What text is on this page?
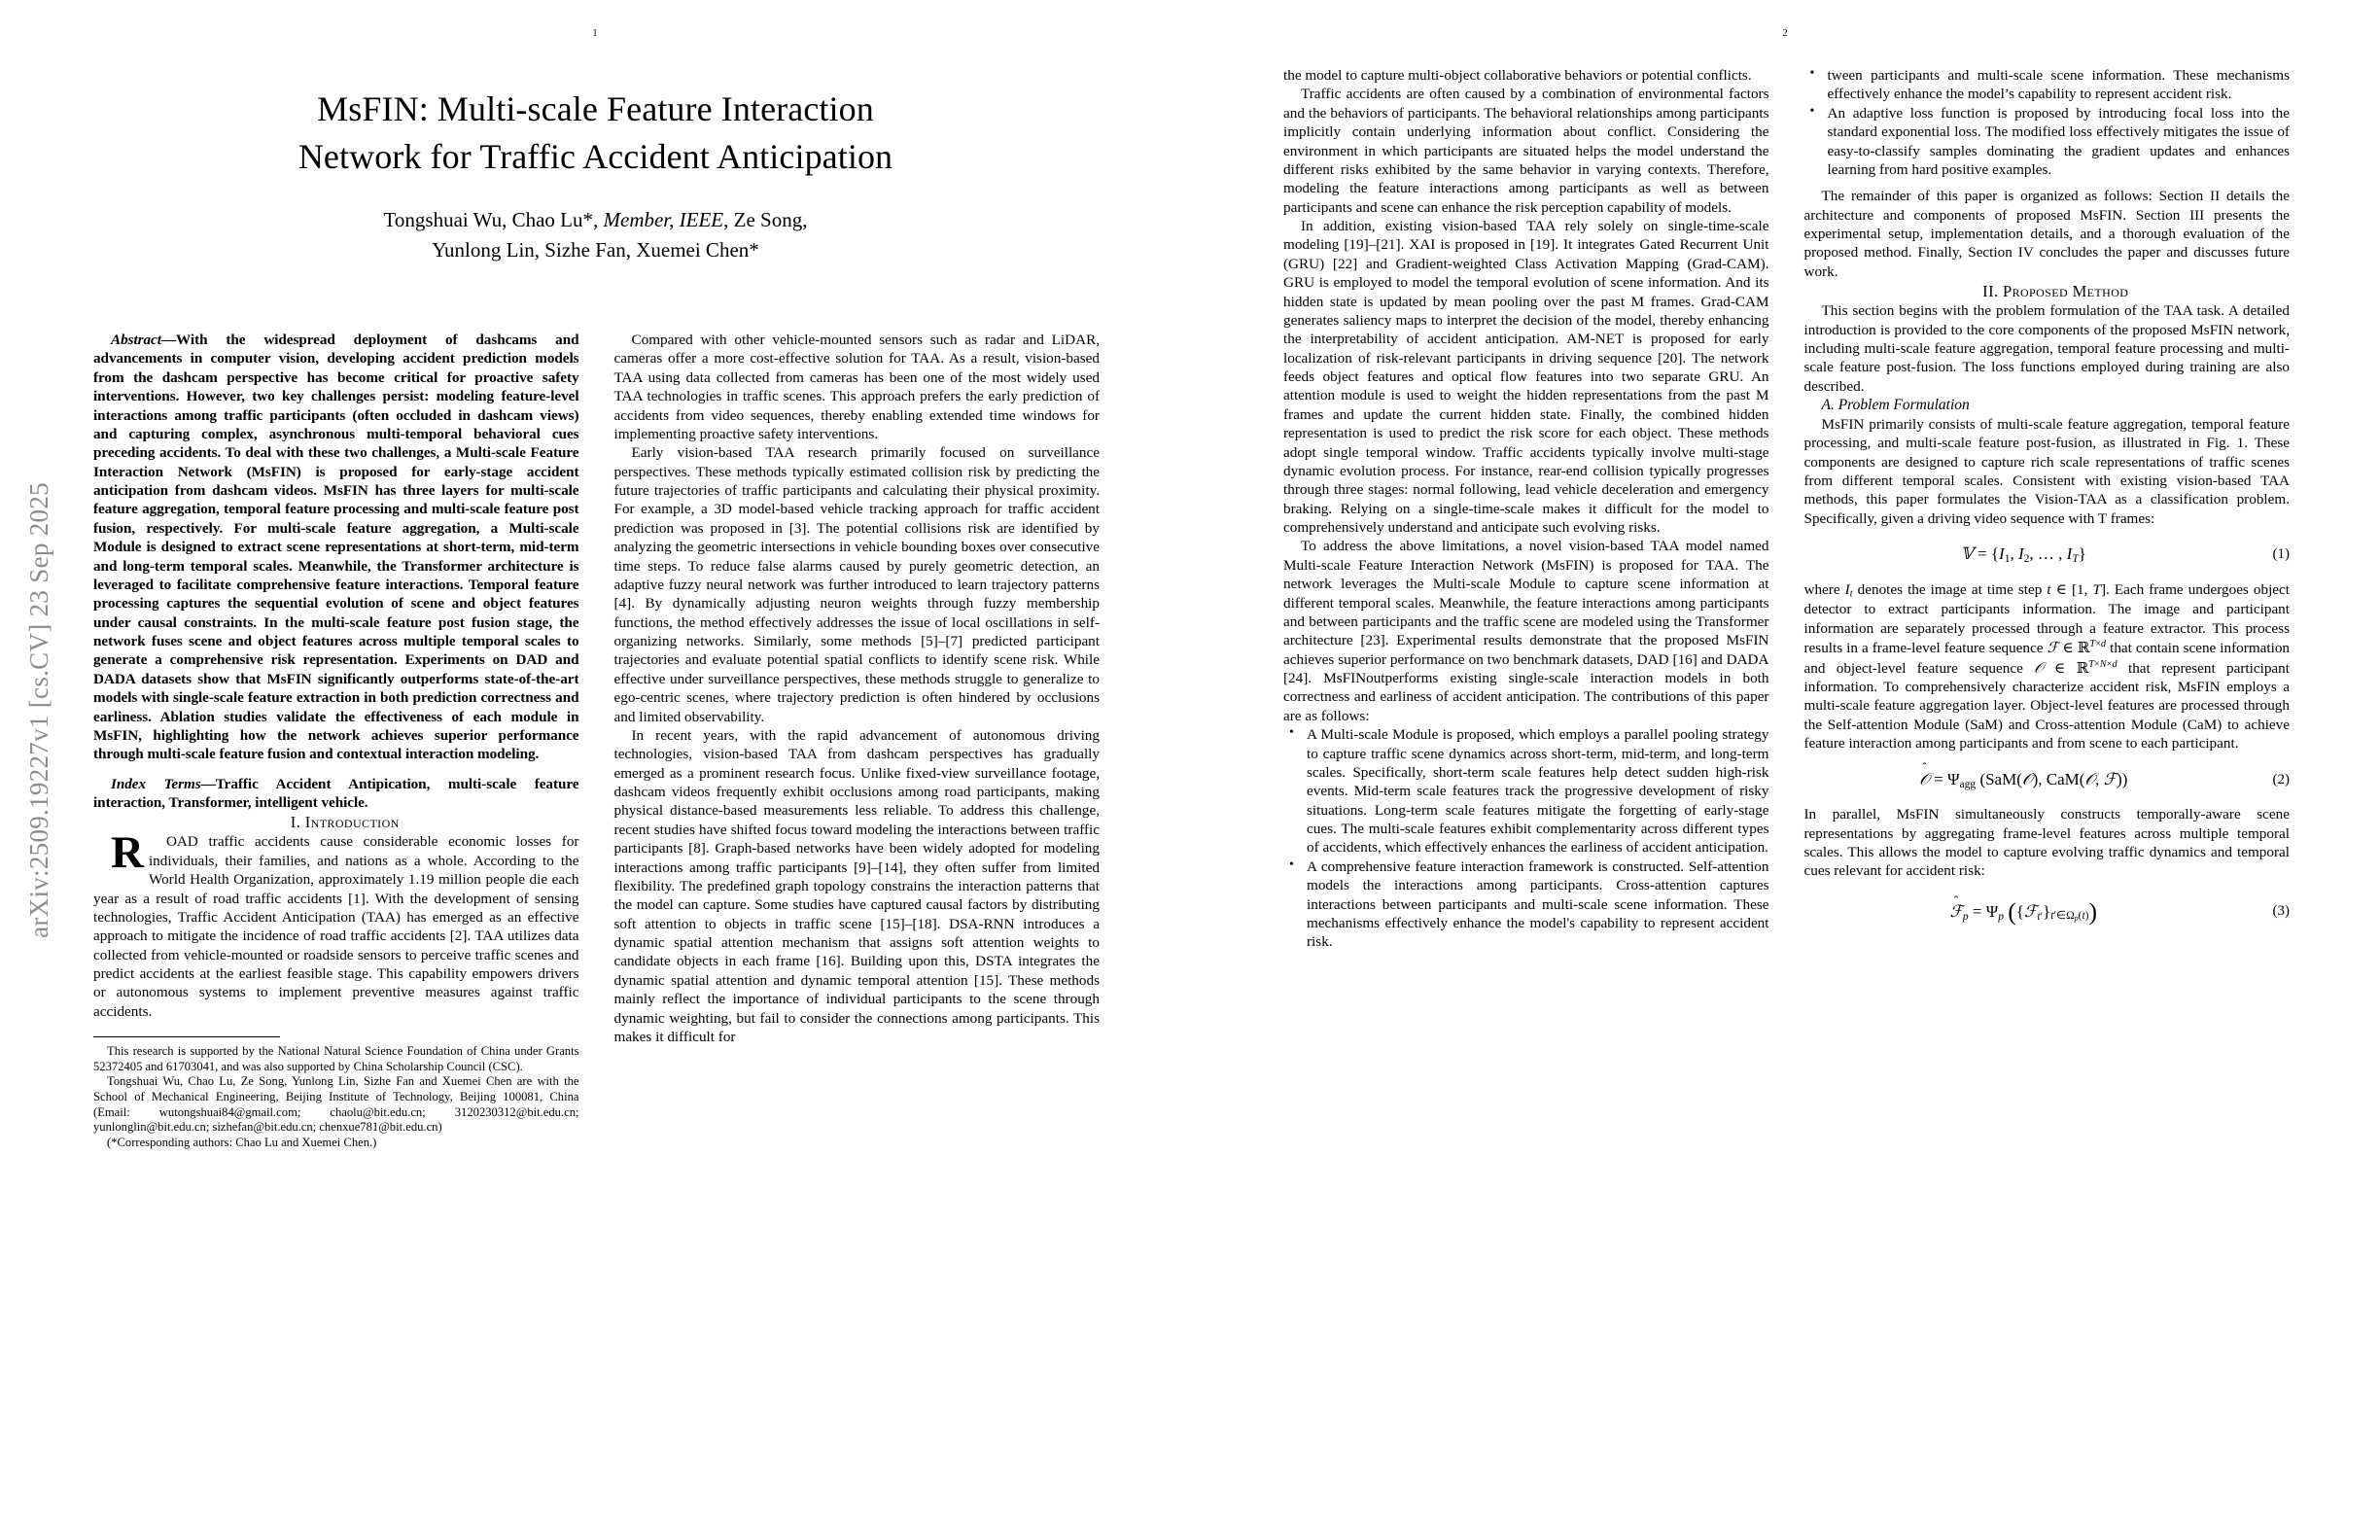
1
arXiv:2509.19227v1 [cs.CV] 23 Sep 2025
MsFIN: Multi-scale Feature Interaction
Network for Traffic Accident Anticipation
Tongshuai Wu, Chao Lu*, Member, IEEE, Ze Song,
Yunlong Lin, Sizhe Fan, Xuemei Chen*

Abstract—With the widespread deployment of dashcams and advancements in computer vision, developing accident prediction models from the dashcam perspective has become critical for proactive safety interventions. However, two key challenges persist: modeling feature-level interactions among traffic participants (often occluded in dashcam views) and capturing complex, asynchronous multi-temporal behavioral cues preceding accidents. To deal with these two challenges, a Multi-scale Feature Interaction Network (MsFIN) is proposed for early-stage accident anticipation from dashcam videos. MsFIN has three layers for multi-scale feature aggregation, temporal feature processing and multi-scale feature post fusion, respectively. For multi-scale feature aggregation, a Multi-scale Module is designed to extract scene representations at short-term, mid-term and long-term temporal scales. Meanwhile, the Transformer architecture is leveraged to facilitate comprehensive feature interactions. Temporal feature processing captures the sequential evolution of scene and object features under causal constraints. In the multi-scale feature post fusion stage, the network fuses scene and object features across multiple temporal scales to generate a comprehensive risk representation. Experiments on DAD and DADA datasets show that MsFIN significantly outperforms state-of-the-art models with single-scale feature extraction in both prediction correctness and earliness. Ablation studies validate the effectiveness of each module in MsFIN, highlighting how the network achieves superior performance through multi-scale feature fusion and contextual interaction modeling.

Index Terms—Traffic Accident Antipication, multi-scale feature interaction, Transformer, intelligent vehicle.

I. Introduction

R	OAD traffic accidents cause considerable economic losses for individuals, their families, and nations as a whole. According to the World Health Organization, approximately 1.19 million people die each year as a result of road traffic accidents [1]. With the development of sensing technologies, Traffic Accident Anticipation (TAA) has emerged as an effective approach to mitigate the incidence of road traffic accidents [2]. TAA utilizes data collected from vehicle-mounted or roadside sensors to perceive traffic scenes and predict accidents at the earliest feasible stage. This capability empowers drivers or autonomous systems to implement preventive measures against traffic accidents.

This research is supported by the National Natural Science Foundation of China under Grants 52372405 and 61703041, and was also supported by China Scholarship Council (CSC).

Tongshuai Wu, Chao Lu, Ze Song, Yunlong Lin, Sizhe Fan and Xuemei Chen are with the School of Mechanical Engineering, Beijing Institute of Technology, Beijing 100081, China (Email: wutongshuai84@gmail.com; chaolu@bit.edu.cn; 3120230312@bit.edu.cn; yunlonglin@bit.edu.cn; sizhefan@bit.edu.cn; chenxue781@bit.edu.cn)

(*Corresponding authors: Chao Lu and Xuemei Chen.)

Compared with other vehicle-mounted sensors such as radar and LiDAR, cameras offer a more cost-effective solution for TAA. As a result, vision-based TAA using data collected from cameras has been one of the most widely used TAA technologies in traffic scenes. This approach prefers the early prediction of accidents from video sequences, thereby enabling extended time windows for implementing proactive safety interventions.

Early vision-based TAA research primarily focused on surveillance perspectives. These methods typically estimated collision risk by predicting the future trajectories of traffic participants and calculating their physical proximity. For example, a 3D model-based vehicle tracking approach for traffic accident prediction was proposed in [3]. The potential collisions risk are identified by analyzing the geometric intersections in vehicle bounding boxes over consecutive time steps. To reduce false alarms caused by purely geometric detection, an adaptive fuzzy neural network was further introduced to learn trajectory patterns [4]. By dynamically adjusting neuron weights through fuzzy membership functions, the method effectively addresses the issue of local oscillations in self-organizing networks. Similarly, some methods [5]–[7] predicted participant trajectories and evaluate potential spatial conflicts to identify scene risk. While effective under surveillance perspectives, these methods struggle to generalize to ego-centric scenes, where trajectory prediction is often hindered by occlusions and limited observability.

In recent years, with the rapid advancement of autonomous driving technologies, vision-based TAA from dashcam perspectives has gradually emerged as a prominent research focus. Unlike fixed-view surveillance footage, dashcam videos frequently exhibit occlusions among road participants, making physical distance-based measurements less reliable. To address this challenge, recent studies have shifted focus toward modeling the interactions between traffic participants [8]. Graph-based networks have been widely adopted for modeling interactions among traffic participants [9]–[14], they often suffer from limited flexibility. The predefined graph topology constrains the interaction patterns that the model can capture. Some studies have captured causal factors by distributing soft attention to objects in traffic scene [15]–[18]. DSA-RNN introduces a dynamic spatial attention mechanism that assigns soft attention weights to candidate objects in each frame [16]. Building upon this, DSTA integrates the dynamic spatial attention and dynamic temporal attention [15]. These methods mainly reflect the importance of individual participants to the scene through dynamic weighting, but fail to consider the connections among participants. This makes it difficult for

2

the model to capture multi-object collaborative behaviors or potential conflicts.

Traffic accidents are often caused by a combination of environmental factors and the behaviors of participants. The behavioral relationships among participants implicitly contain underlying information about conflict. Considering the environment in which participants are situated helps the model understand the different risks exhibited by the same behavior in varying contexts. Therefore, modeling the feature interactions among participants as well as between participants and scene can enhance the risk perception capability of models.

In addition, existing vision-based TAA rely solely on single-time-scale modeling [19]–[21]. XAI is proposed in [19]. It integrates Gated Recurrent Unit (GRU) [22] and Gradient-weighted Class Activation Mapping (Grad-CAM). GRU is employed to model the temporal evolution of scene information. And its hidden state is updated by mean pooling over the past M frames. Grad-CAM generates saliency maps to interpret the decision of the model, thereby enhancing the interpretability of accident anticipation. AM-NET is proposed for early localization of risk-relevant participants in driving sequence [20]. The network feeds object features and optical flow features into two separate GRU. An attention module is used to weight the hidden representations from the past M frames and update the current hidden state. Finally, the combined hidden representation is used to predict the risk score for each object. These methods adopt single temporal window. Traffic accidents typically involve multi-stage dynamic evolution process. For instance, rear-end collision typically progresses through three stages: normal following, lead vehicle deceleration and emergency braking. Relying on a single-time-scale makes it difficult for the model to comprehensively understand and anticipate such evolving risks.

To address the above limitations, a novel vision-based TAA model named Multi-scale Feature Interaction Network (MsFIN) is proposed for TAA. The network leverages the Multi-scale Module to capture scene information at different temporal scales. Meanwhile, the feature interactions among participants and between participants and the traffic scene are modeled using the Transformer architecture [23]. Experimental results demonstrate that the proposed MsFIN achieves superior performance on two benchmark datasets, DAD [16] and DADA [24]. MsFINoutperforms existing single-scale interaction models in both correctness and earliness of accident anticipation. The contributions of this paper are as follows:

• A Multi-scale Module is proposed, which employs a parallel pooling strategy to capture traffic scene dynamics across short-term, mid-term, and long-term scales. Specifically, short-term scale features help detect sudden high-risk events. Mid-term scale features track the progressive development of risky situations. Long-term scale features mitigate the forgetting of early-stage cues. The multi-scale features exhibit complementarity across different types of accidents, which effectively enhances the earliness of accident anticipation.
• A comprehensive feature interaction framework is constructed. Self-attention models the interactions among participants. Cross-attention captures interactions between participants and multi-scale scene information. These mechanisms effectively enhance the model's capability to represent accident risk.
• tween participants and multi-scale scene information. These mechanisms effectively enhance the model’s capability to represent accident risk.
• An adaptive loss function is proposed by introducing focal loss into the standard exponential loss. The modified loss effectively mitigates the issue of easy-to-classify samples dominating the gradient updates and enhances learning from hard positive examples.

The remainder of this paper is organized as follows: Section II details the architecture and components of proposed MsFIN. Section III presents the experimental setup, implementation details, and a thorough evaluation of the proposed method. Finally, Section IV concludes the paper and discusses future work.

II. Proposed Method

This section begins with the problem formulation of the TAA task. A detailed introduction is provided to the core components of the proposed MsFIN network, including multi-scale feature aggregation, temporal feature processing and multi-scale feature post-fusion. The loss functions employed during training are also described.

A. Problem Formulation

MsFIN primarily consists of multi-scale feature aggregation, temporal feature processing, and multi-scale feature post-fusion, as illustrated in Fig. 1. These components are designed to capture rich scale representations of traffic scenes from different temporal scales. Consistent with existing vision-based TAA methods, this paper formulates the Vision-TAA as a classification problem. Specifically, given a driving video sequence with T frames:

𝕍 = {$I_1$, $I_2$, … , $I_T$}	(1)

where $I_t$ denotes the image at time step t ∈ [1, T]. Each frame undergoes object detector to extract participants information. The image and participant information are separately processed through a feature extractor. This process results in a frame-level feature sequence ℱ ∈ ℝ$^{T\times d}$ that contain scene information and object-level feature sequence 𝒪 ∈ ℝ$^{T\times N\times d}$ that represent participant information. To comprehensively characterize accident risk, MsFIN employs a multi-scale feature aggregation layer. Object-level features are processed through the Self-attention Module (SaM) and Cross-attention Module (CaM) to achieve feature interaction among participants and from scene to each participant.

𝒪 = $\Psi_{agg}$ (SaM(𝒪), CaM(𝒪, ℱ))	(2)

In parallel, MsFIN simultaneously constructs temporally-aware scene representations by aggregating frame-level features across multiple temporal scales. This allows the model to capture evolving traffic dynamics and temporal cues relevant for accident risk:

ℱ$_p$ = $\Psi_p$ $(\{ℱ_{t'}\}_{t'\in\Omega_p(t)})$	(3)
